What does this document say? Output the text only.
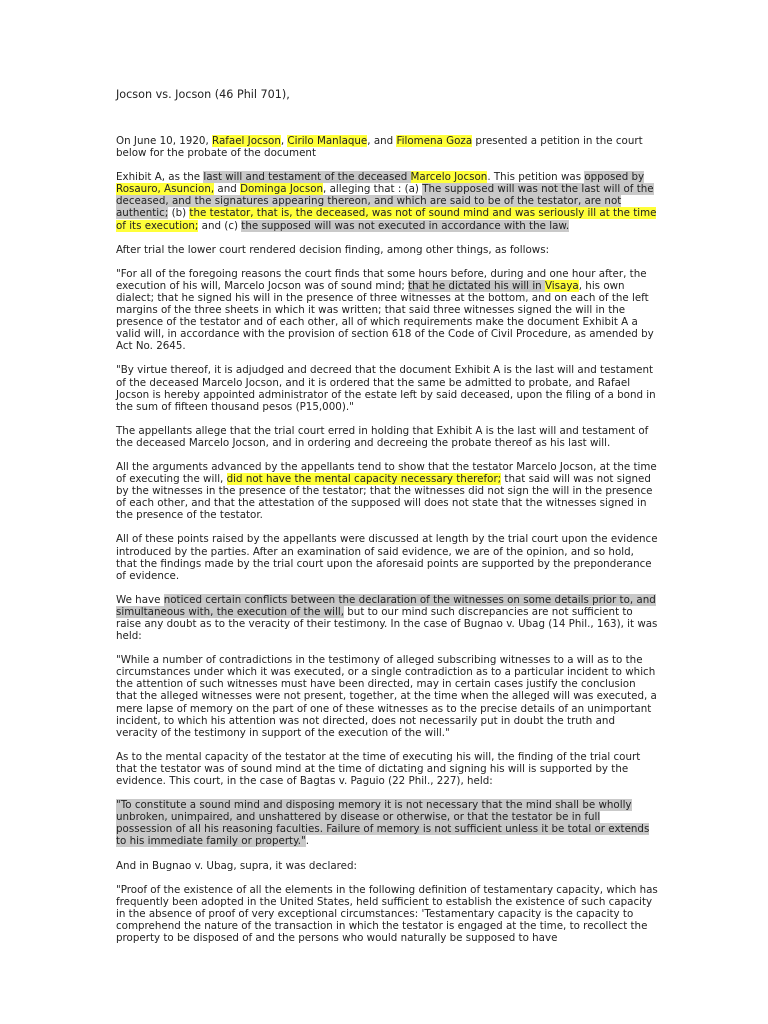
Jocson vs. Jocson (46 Phil 701),

On June 10, 1920, Rafael Jocson, Cirilo Manlaque, and Filomena Goza presented a petition in the court below for the probate of the document

Exhibit A, as the last will and testament of the deceased Marcelo Jocson. This petition was opposed by Rosauro, Asuncion, and Dominga Jocson, alleging that : (a) The supposed will was not the last will of the deceased, and the signatures appearing thereon, and which are said to be of the testator, are not authentic; (b) the testator, that is, the deceased, was not of sound mind and was seriously ill at the time of its execution; and (c) the supposed will was not executed in accordance with the law.

After trial the lower court rendered decision finding, among other things, as follows:

"For all of the foregoing reasons the court finds that some hours before, during and one hour after, the execution of his will, Marcelo Jocson was of sound mind; that he dictated his will in Visaya, his own dialect; that he signed his will in the presence of three witnesses at the bottom, and on each of the left margins of the three sheets in which it was written; that said three witnesses signed the will in the presence of the testator and of each other, all of which requirements make the document Exhibit A a valid will, in accordance with the provision of section 618 of the Code of Civil Procedure, as amended by Act No. 2645.

"By virtue thereof, it is adjudged and decreed that the document Exhibit A is the last will and testament of the deceased Marcelo Jocson, and it is ordered that the same be admitted to probate, and Rafael Jocson is hereby appointed administrator of the estate left by said deceased, upon the filing of a bond in the sum of fifteen thousand pesos (P15,000)."

The appellants allege that the trial court erred in holding that Exhibit A is the last will and testament of the deceased Marcelo Jocson, and in ordering and decreeing the probate thereof as his last will.

All the arguments advanced by the appellants tend to show that the testator Marcelo Jocson, at the time of executing the will, did not have the mental capacity necessary therefor; that said will was not signed by the witnesses in the presence of the testator; that the witnesses did not sign the will in the presence of each other, and that the attestation of the supposed will does not state that the witnesses signed in the presence of the testator.

All of these points raised by the appellants were discussed at length by the trial court upon the evidence introduced by the parties. After an examination of said evidence, we are of the opinion, and so hold, that the findings made by the trial court upon the aforesaid points are supported by the preponderance of evidence.

We have noticed certain conflicts between the declaration of the witnesses on some details prior to, and simultaneous with, the execution of the will, but to our mind such discrepancies are not sufficient to raise any doubt as to the veracity of their testimony. In the case of Bugnao v. Ubag (14 Phil., 163), it was held:

"While a number of contradictions in the testimony of alleged subscribing witnesses to a will as to the circumstances under which it was executed, or a single contradiction as to a particular incident to which the attention of such witnesses must have been directed, may in certain cases justify the conclusion that the alleged witnesses were not present, together, at the time when the alleged will was executed, a mere lapse of memory on the part of one of these witnesses as to the precise details of an unimportant incident, to which his attention was not directed, does not necessarily put in doubt the truth and veracity of the testimony in support of the execution of the will."

As to the mental capacity of the testator at the time of executing his will, the finding of the trial court that the testator was of sound mind at the time of dictating and signing his will is supported by the evidence. This court, in the case of Bagtas v. Paguio (22 Phil., 227), held:

"To constitute a sound mind and disposing memory it is not necessary that the mind shall be wholly unbroken, unimpaired, and unshattered by disease or otherwise, or that the testator be in full possession of all his reasoning faculties. Failure of memory is not sufficient unless it be total or extends to his immediate family or property.".

And in Bugnao v. Ubag, supra, it was declared:

"Proof of the existence of all the elements in the following definition of testamentary capacity, which has frequently been adopted in the United States, held sufficient to establish the existence of such capacity in the absence of proof of very exceptional circumstances: 'Testamentary capacity is the capacity to comprehend the nature of the transaction in which the testator is engaged at the time, to recollect the property to be disposed of and the persons who would naturally be supposed to have
